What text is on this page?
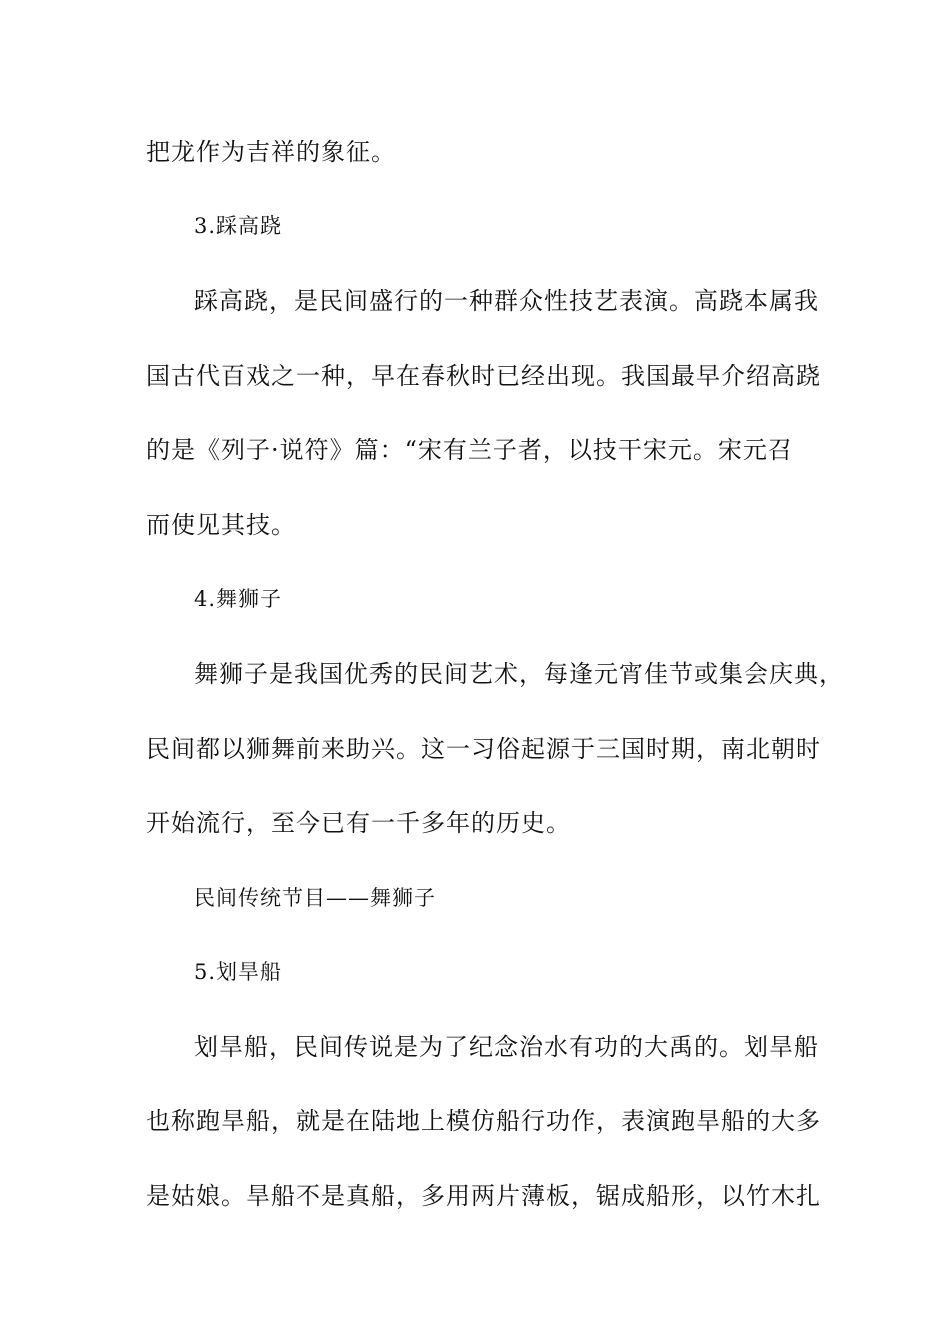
把龙作为吉祥的象征。
3.踩高跷
踩高跷，是民间盛行的一种群众性技艺表演。高跷本属我
国古代百戏之一种，早在春秋时已经出现。我国最早介绍高跷
的是《列子·说符》篇：“宋有兰子者，以技干宋元。宋元召
而使见其技。
4.舞狮子
舞狮子是我国优秀的民间艺术，每逢元宵佳节或集会庆典，
民间都以狮舞前来助兴。这一习俗起源于三国时期，南北朝时
开始流行，至今已有一千多年的历史。
民间传统节目——舞狮子
5.划旱船
划旱船，民间传说是为了纪念治水有功的大禹的。划旱船
也称跑旱船，就是在陆地上模仿船行功作，表演跑旱船的大多
是姑娘。旱船不是真船，多用两片薄板，锯成船形，以竹木扎
